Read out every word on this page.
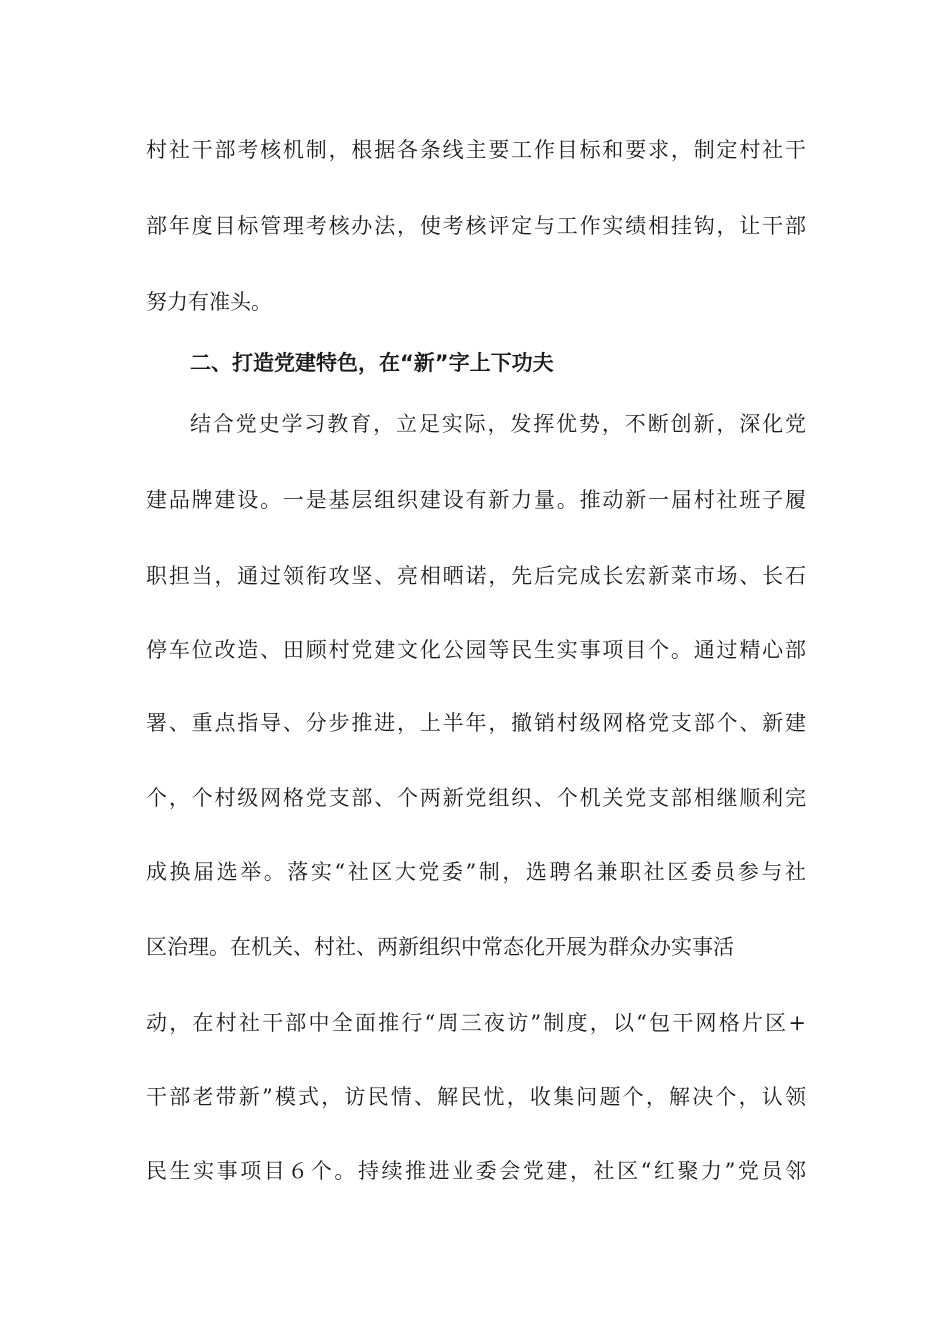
村社干部考核机制，根据各条线主要工作目标和要求，制定村社干
部年度目标管理考核办法，使考核评定与工作实绩相挂钩，让干部
努力有准头。
二、打造党建特色，在“新”字上下功夫
结合党史学习教育，立足实际，发挥优势，不断创新，深化党
建品牌建设。一是基层组织建设有新力量。推动新一届村社班子履
职担当，通过领衔攻坚、亮相晒诺，先后完成长宏新菜市场、长石
停车位改造、田顾村党建文化公园等民生实事项目个。通过精心部
署、重点指导、分步推进，上半年，撤销村级网格党支部个、新建
个，个村级网格党支部、个两新党组织、个机关党支部相继顺利完
成换届选举。落实“社区大党委”制，选聘名兼职社区委员参与社
区治理。在机关、村社、两新组织中常态化开展为群众办实事活
动，在村社干部中全面推行“周三夜访”制度，以“包干网格片区+
干部老带新”模式，访民情、解民忧，收集问题个，解决个，认领
民生实事项目６个。持续推进业委会党建，社区“红聚力”党员邻
